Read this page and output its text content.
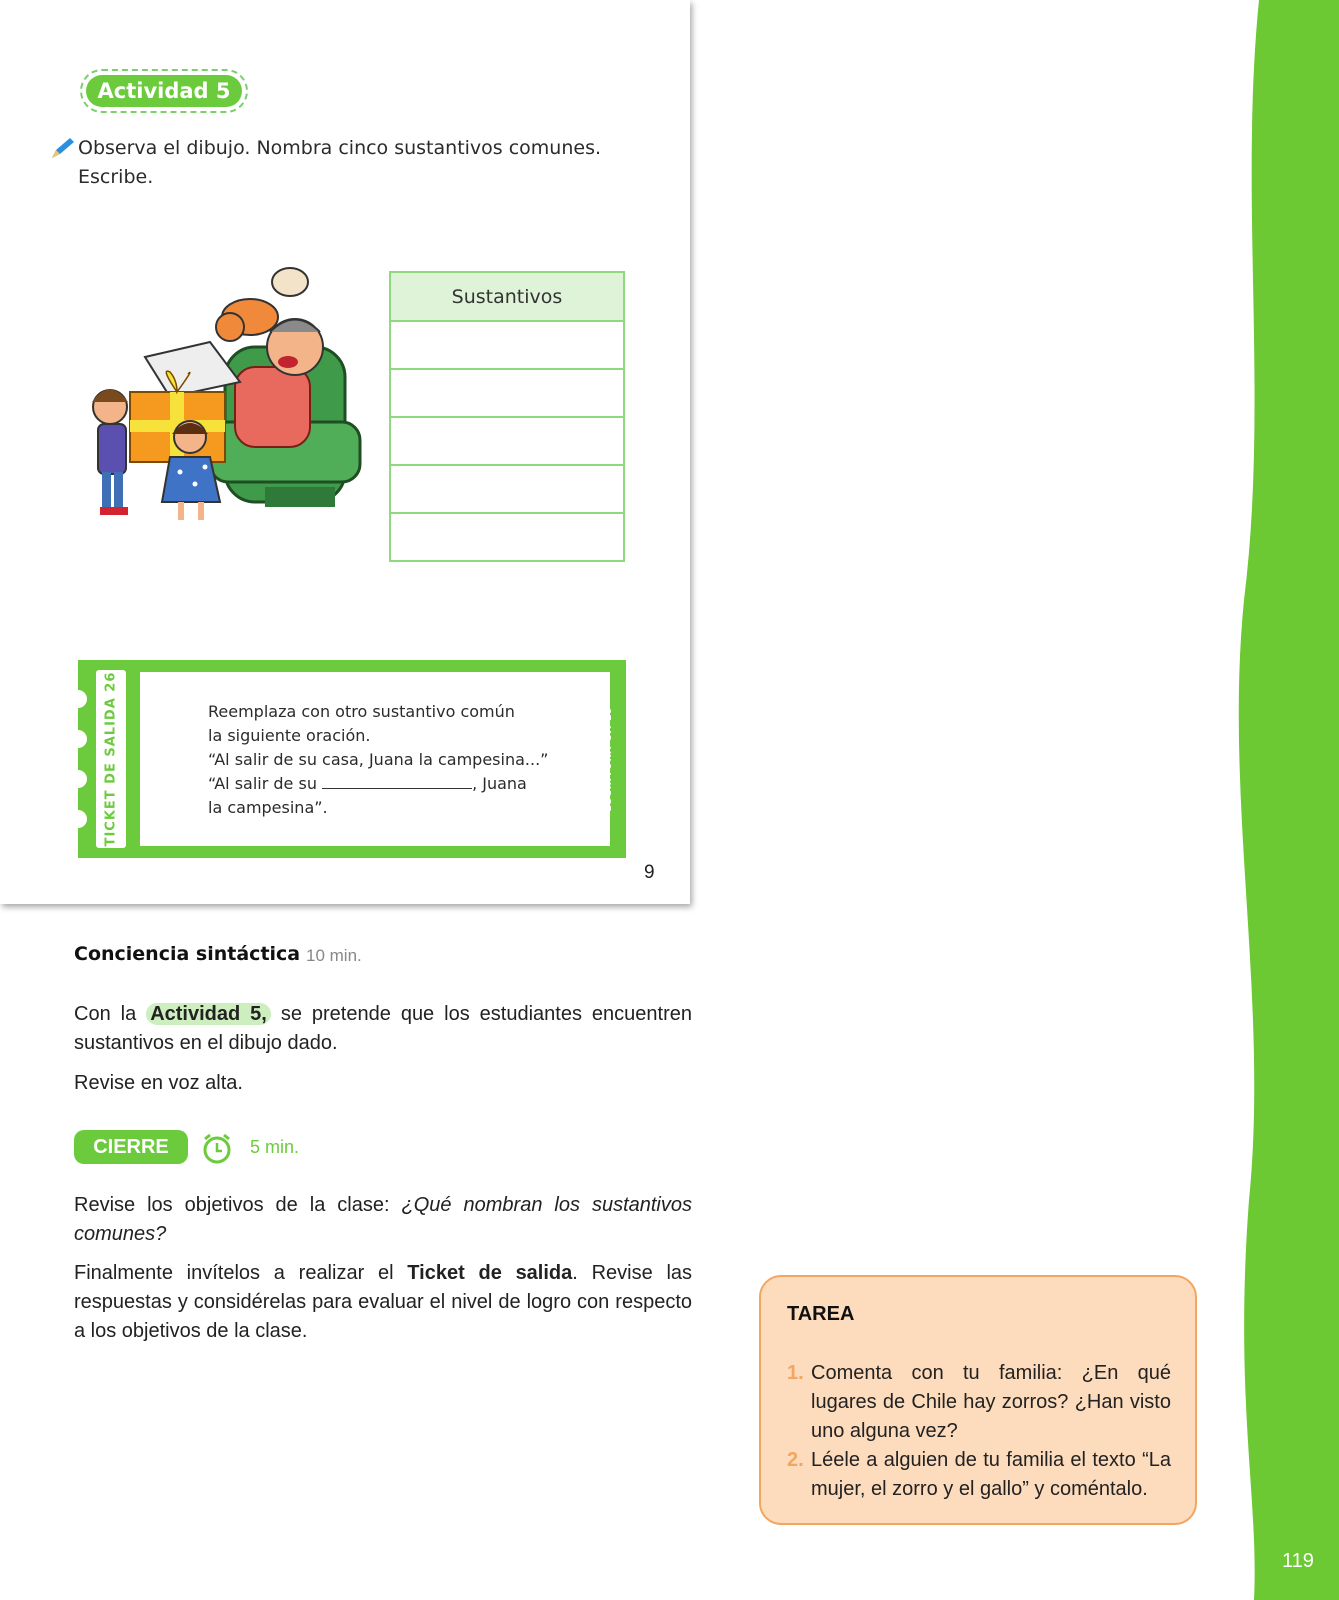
Actividad 5
Observa el dibujo. Nombra cinco sustantivos comunes. Escribe.
Sustantivos

TICKET DE SALIDA 26	Reemplaza con otro sustantivo común
la siguiente oración.
“Al salir de su casa, Juana la campesina...”
“Al salir de su	, Juana
la campesina”.	ESCRITURA OA 19
9
Conciencia sintáctica 10 min.
Con la Actividad 5, se pretende que los estudiantes encuentren sustantivos en el dibujo dado.
Revise en voz alta.
CIERRE	5 min.
Revise los objetivos de la clase: ¿Qué nombran los sustantivos comunes?
Finalmente invítelos a realizar el Ticket de salida. Revise las respuestas y considérelas para evaluar el nivel de logro con respecto a los objetivos de la clase.
TAREA
1. Comenta con tu familia: ¿En qué lugares de Chile hay zorros? ¿Han visto uno alguna vez?
2. Léele a alguien de tu familia el texto “La mujer, el zorro y el gallo” y coméntalo.
119
